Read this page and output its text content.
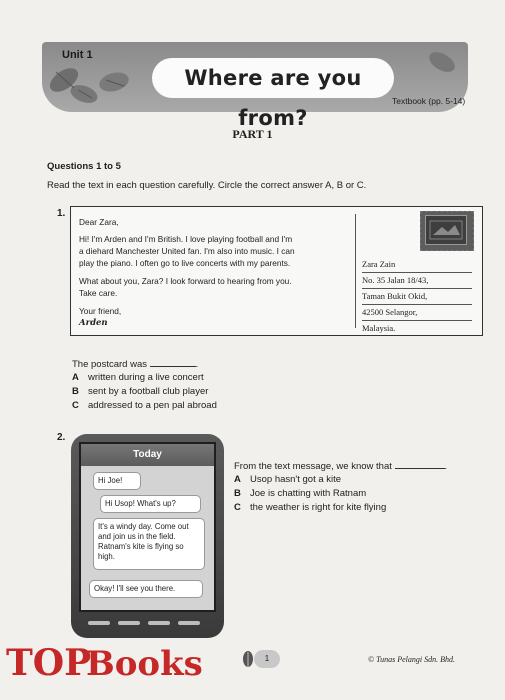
Unit 1
Where are you from?
Textbook (pp. 5-14)
PART 1
Questions 1 to 5
Read the text in each question carefully. Circle the correct answer A, B or C.
1.
Dear Zara,
Hi! I'm Arden and I'm British. I love playing football and I'm
a diehard Manchester United fan. I'm also into music. I can
play the piano. I often go to live concerts with my parents.
What about you, Zara? I look forward to hearing from you.
Take care.
Your friend,
Arden
Zara Zain
No. 35 Jalan 18/43,
Taman Bukit Okid,
42500 Selangor,
Malaysia.
The postcard was	.
A written during a live concert
B sent by a football club player
C addressed to a pen pal abroad
2.
Today
Hi Joe!
Hi Usop! What's up?
It's a windy day. Come out and join us in the field. Ratnam's kite is flying so high.
Okay! I'll see you there.
From the text message, we know that	.
A Usop hasn't got a kite
B Joe is chatting with Ratnam
C the weather is right for kite flying
TOP
Books	1	© Tunas Pelangi Sdn. Bhd.
